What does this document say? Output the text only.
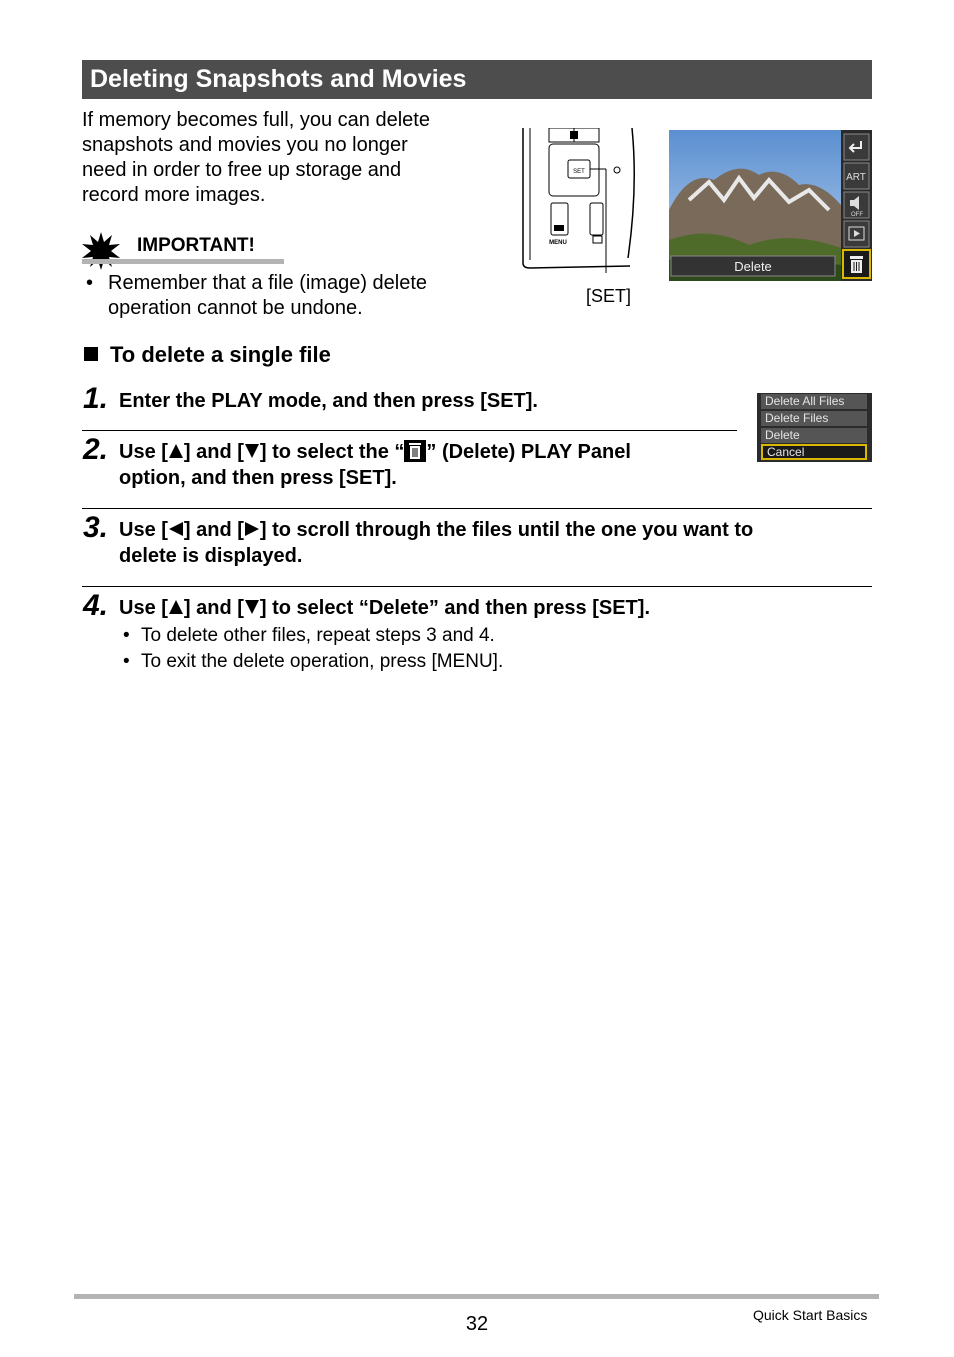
Deleting Snapshots and Movies
If memory becomes full, you can delete
snapshots and movies you no longer
need in order to free up storage and
record more images.
IMPORTANT!
• Remember that a file (image) delete
operation cannot be undone.
SET
MENU
[SET]
Delete
ART
OFF
To delete a single file
1. Enter the PLAY mode, and then press [SET].	Delete All Files
Delete Files
Delete
Cancel
2. Use [ ] and [ ] to select the “ ” (Delete) PLAY Panel
option, and then press [SET].
3. Use [ ] and [ ] to scroll through the files until the one you want to
delete is displayed.
4. Use [ ] and [ ] to select “Delete” and then press [SET].
• To delete other files, repeat steps 3 and 4.
• To exit the delete operation, press [MENU].
32	Quick Start Basics
